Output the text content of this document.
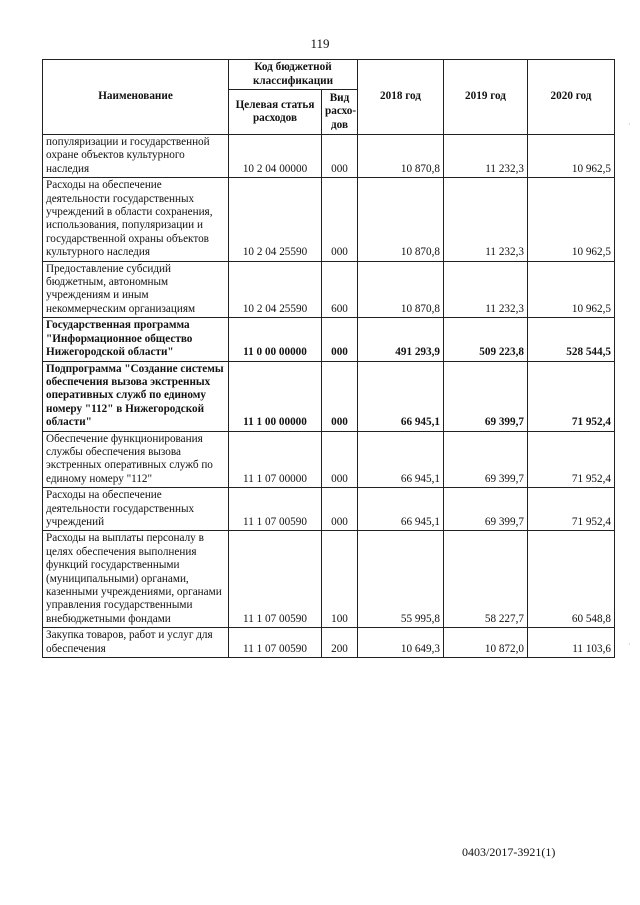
119
Наименование	Код бюджетной классификации		2018 год	2019 год	2020 год
	Целевая статья расходов	Вид расхо-дов			
популяризации и государственной охране объектов культурного наследия	10 2 04 00000	000	10 870,8	11 232,3	10 962,5
Расходы на обеспечение деятельности государственных учреждений в области сохранения, использования, популяризации и государственной охраны объектов культурного наследия	10 2 04 25590	000	10 870,8	11 232,3	10 962,5
Предоставление субсидий бюджетным, автономным учреждениям и иным некоммерческим организациям	10 2 04 25590	600	10 870,8	11 232,3	10 962,5
Государственная программа "Информационное общество Нижегородской области"	11 0 00 00000	000	491 293,9	509 223,8	528 544,5
Подпрограмма "Создание системы обеспечения вызова экстренных оперативных служб по единому номеру "112" в Нижегородской области"	11 1 00 00000	000	66 945,1	69 399,7	71 952,4
Обеспечение функционирования службы обеспечения вызова экстренных оперативных служб по единому номеру "112"	11 1 07 00000	000	66 945,1	69 399,7	71 952,4
Расходы на обеспечение деятельности государственных учреждений	11 1 07 00590	000	66 945,1	69 399,7	71 952,4
Расходы на выплаты персоналу в целях обеспечения выполнения функций государственными (муниципальными) органами, казенными учреждениями, органами управления государственными внебюджетными фондами	11 1 07 00590	100	55 995,8	58 227,7	60 548,8
Закупка товаров, работ и услуг для обеспечения	11 1 07 00590	200	10 649,3	10 872,0	11 103,6
0403/2017-3921(1)
·
·
